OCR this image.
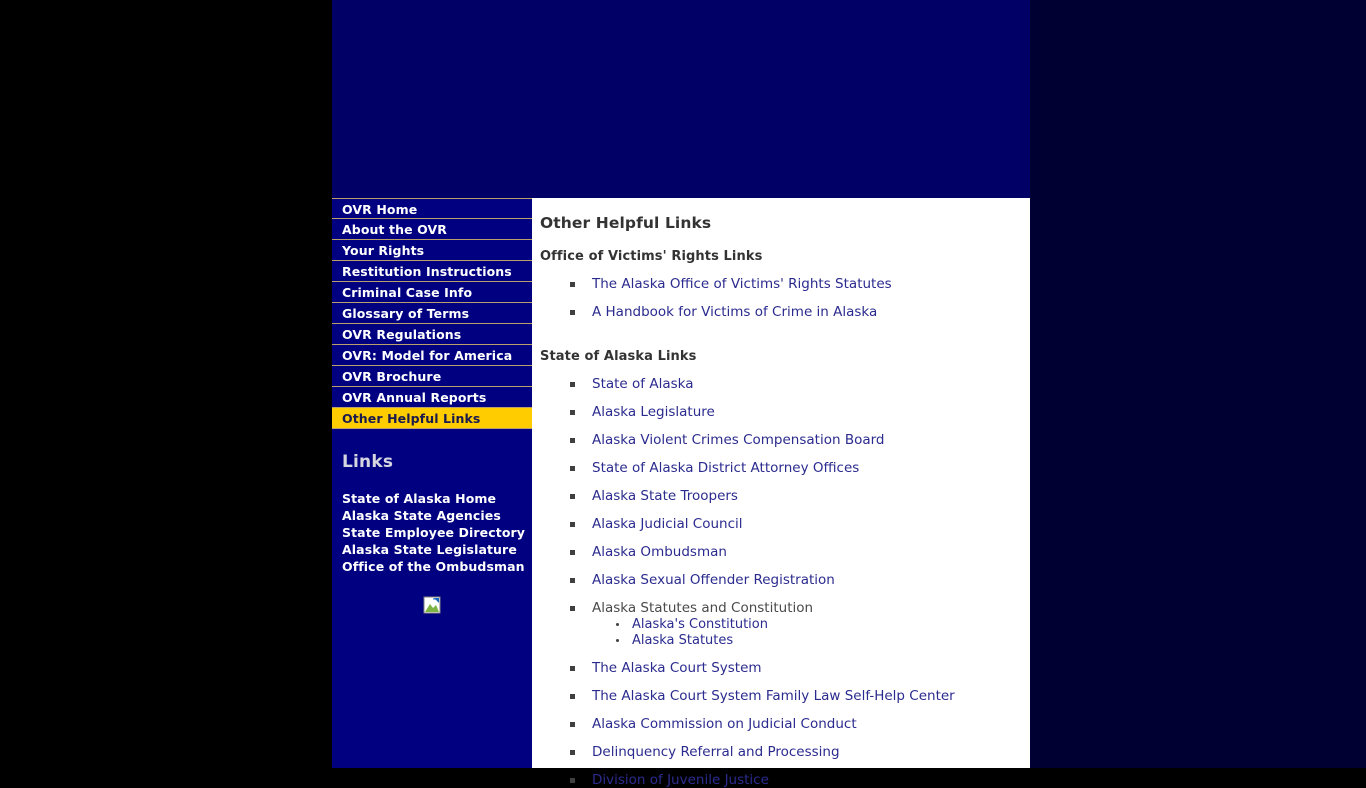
OVR Home
About the OVR
Your Rights
Restitution Instructions
Criminal Case Info
Glossary of Terms
OVR Regulations
OVR: Model for America
OVR Brochure
OVR Annual Reports
Other Helpful Links
Links
State of Alaska Home
Alaska State Agencies
State Employee Directory
Alaska State Legislature
Office of the Ombudsman
Other Helpful Links
Office of Victims' Rights Links
The Alaska Office of Victims' Rights Statutes
A Handbook for Victims of Crime in Alaska
State of Alaska Links
State of Alaska
Alaska Legislature
Alaska Violent Crimes Compensation Board
State of Alaska District Attorney Offices
Alaska State Troopers
Alaska Judicial Council
Alaska Ombudsman
Alaska Sexual Offender Registration
Alaska Statutes and Constitution
Alaska's Constitution
Alaska Statutes
The Alaska Court System
The Alaska Court System Family Law Self-Help Center
Alaska Commission on Judicial Conduct
Delinquency Referral and Processing
Division of Juvenile Justice
